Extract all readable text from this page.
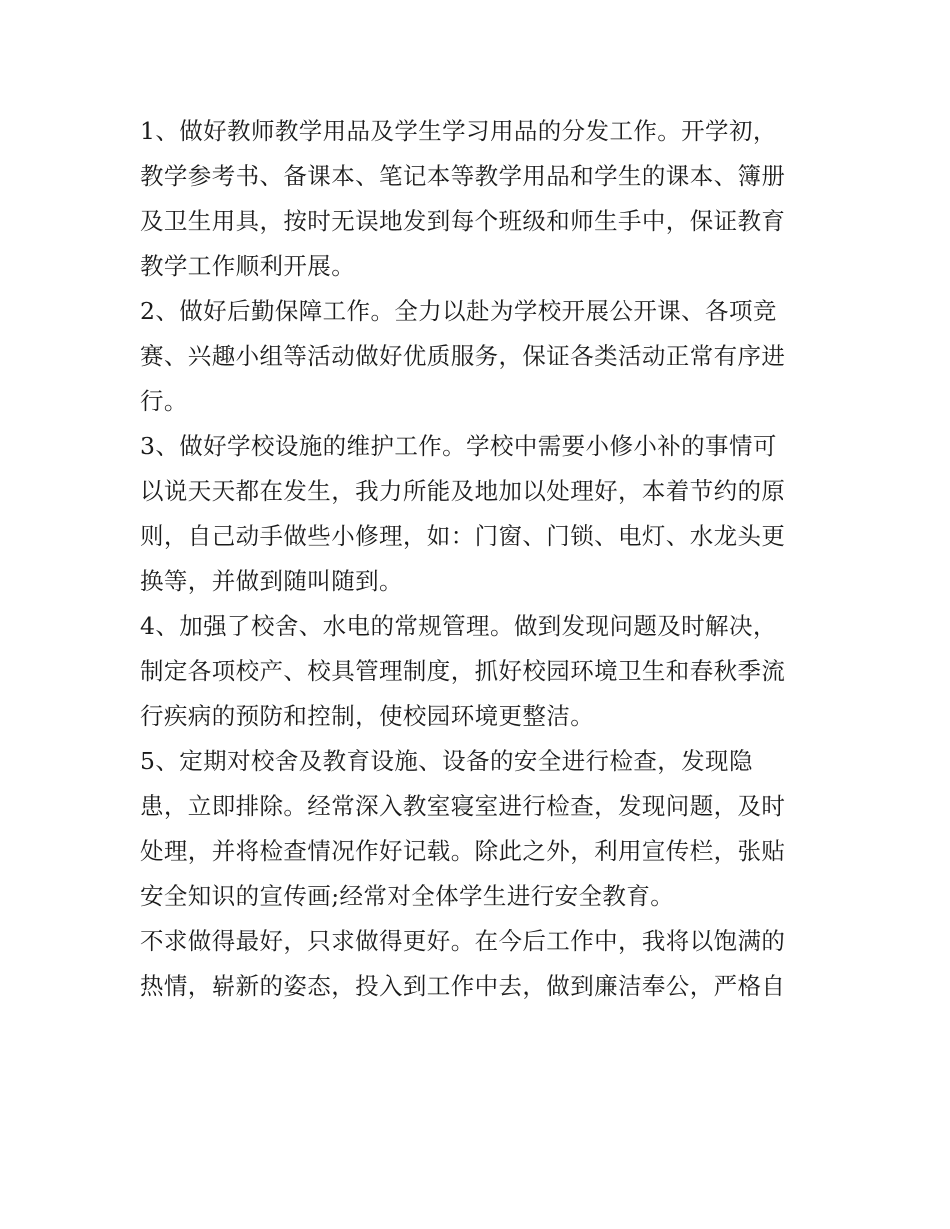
1、做好教师教学用品及学生学习用品的分发工作。开学初，
教学参考书、备课本、笔记本等教学用品和学生的课本、簿册
及卫生用具，按时无误地发到每个班级和师生手中，保证教育
教学工作顺利开展。

2、做好后勤保障工作。全力以赴为学校开展公开课、各项竞
赛、兴趣小组等活动做好优质服务，保证各类活动正常有序进
行。

3、做好学校设施的维护工作。学校中需要小修小补的事情可
以说天天都在发生，我力所能及地加以处理好，本着节约的原
则，自己动手做些小修理，如：门窗、门锁、电灯、水龙头更
换等，并做到随叫随到。

4、加强了校舍、水电的常规管理。做到发现问题及时解决，
制定各项校产、校具管理制度，抓好校园环境卫生和春秋季流
行疾病的预防和控制，使校园环境更整洁。

5、定期对校舍及教育设施、设备的安全进行检查，发现隐
患，立即排除。经常深入教室寝室进行检查，发现问题，及时
处理，并将检查情况作好记载。除此之外，利用宣传栏，张贴
安全知识的宣传画;经常对全体学生进行安全教育。

不求做得最好，只求做得更好。在今后工作中，我将以饱满的
热情，崭新的姿态，投入到工作中去，做到廉洁奉公，严格自
